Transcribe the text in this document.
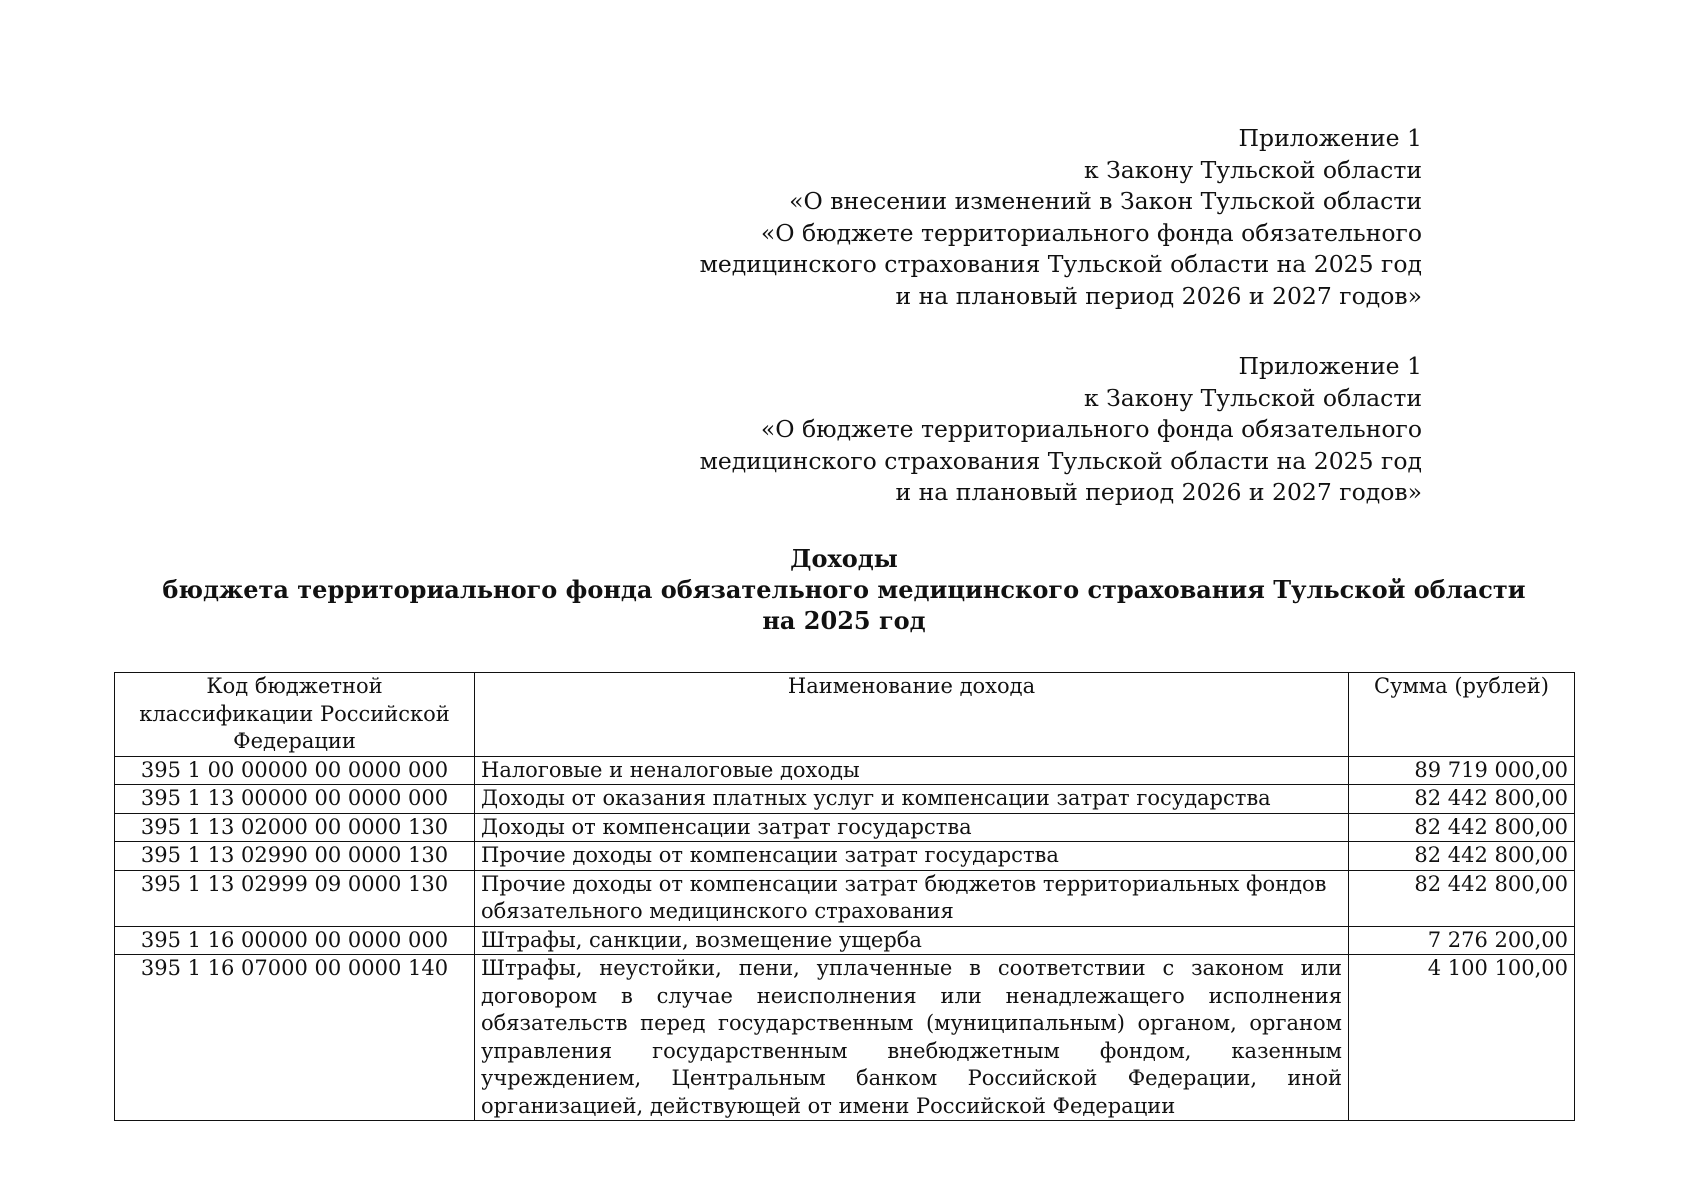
Приложение 1
к Закону Тульской области
«О внесении изменений в Закон Тульской области
«О бюджете территориального фонда обязательного
медицинского страхования Тульской области на 2025 год
и на плановый период 2026 и 2027 годов»
Приложение 1
к Закону Тульской области
«О бюджете территориального фонда обязательного
медицинского страхования Тульской области на 2025 год
и на плановый период 2026 и 2027 годов»
Доходы
бюджета территориального фонда обязательного медицинского страхования Тульской области
на 2025 год
Код бюджетной классификации Российской Федерации	Наименование дохода	Сумма (рублей)
395 1 00 00000 00 0000 000	Налоговые и неналоговые доходы	89 719 000,00
395 1 13 00000 00 0000 000	Доходы от оказания платных услуг и компенсации затрат государства	82 442 800,00
395 1 13 02000 00 0000 130	Доходы от компенсации затрат государства	82 442 800,00
395 1 13 02990 00 0000 130	Прочие доходы от компенсации затрат государства	82 442 800,00
395 1 13 02999 09 0000 130	Прочие доходы от компенсации затрат бюджетов территориальных фондов обязательного медицинского страхования	82 442 800,00
395 1 16 00000 00 0000 000	Штрафы, санкции, возмещение ущерба	7 276 200,00
395 1 16 07000 00 0000 140	Штрафы, неустойки, пени, уплаченные в соответствии с законом или договором в случае неисполнения или ненадлежащего исполнения обязательств перед государственным (муниципальным) органом, органом управления государственным внебюджетным фондом, казенным учреждением, Центральным банком Российской Федерации, иной организацией, действующей от имени Российской Федерации	4 100 100,00
